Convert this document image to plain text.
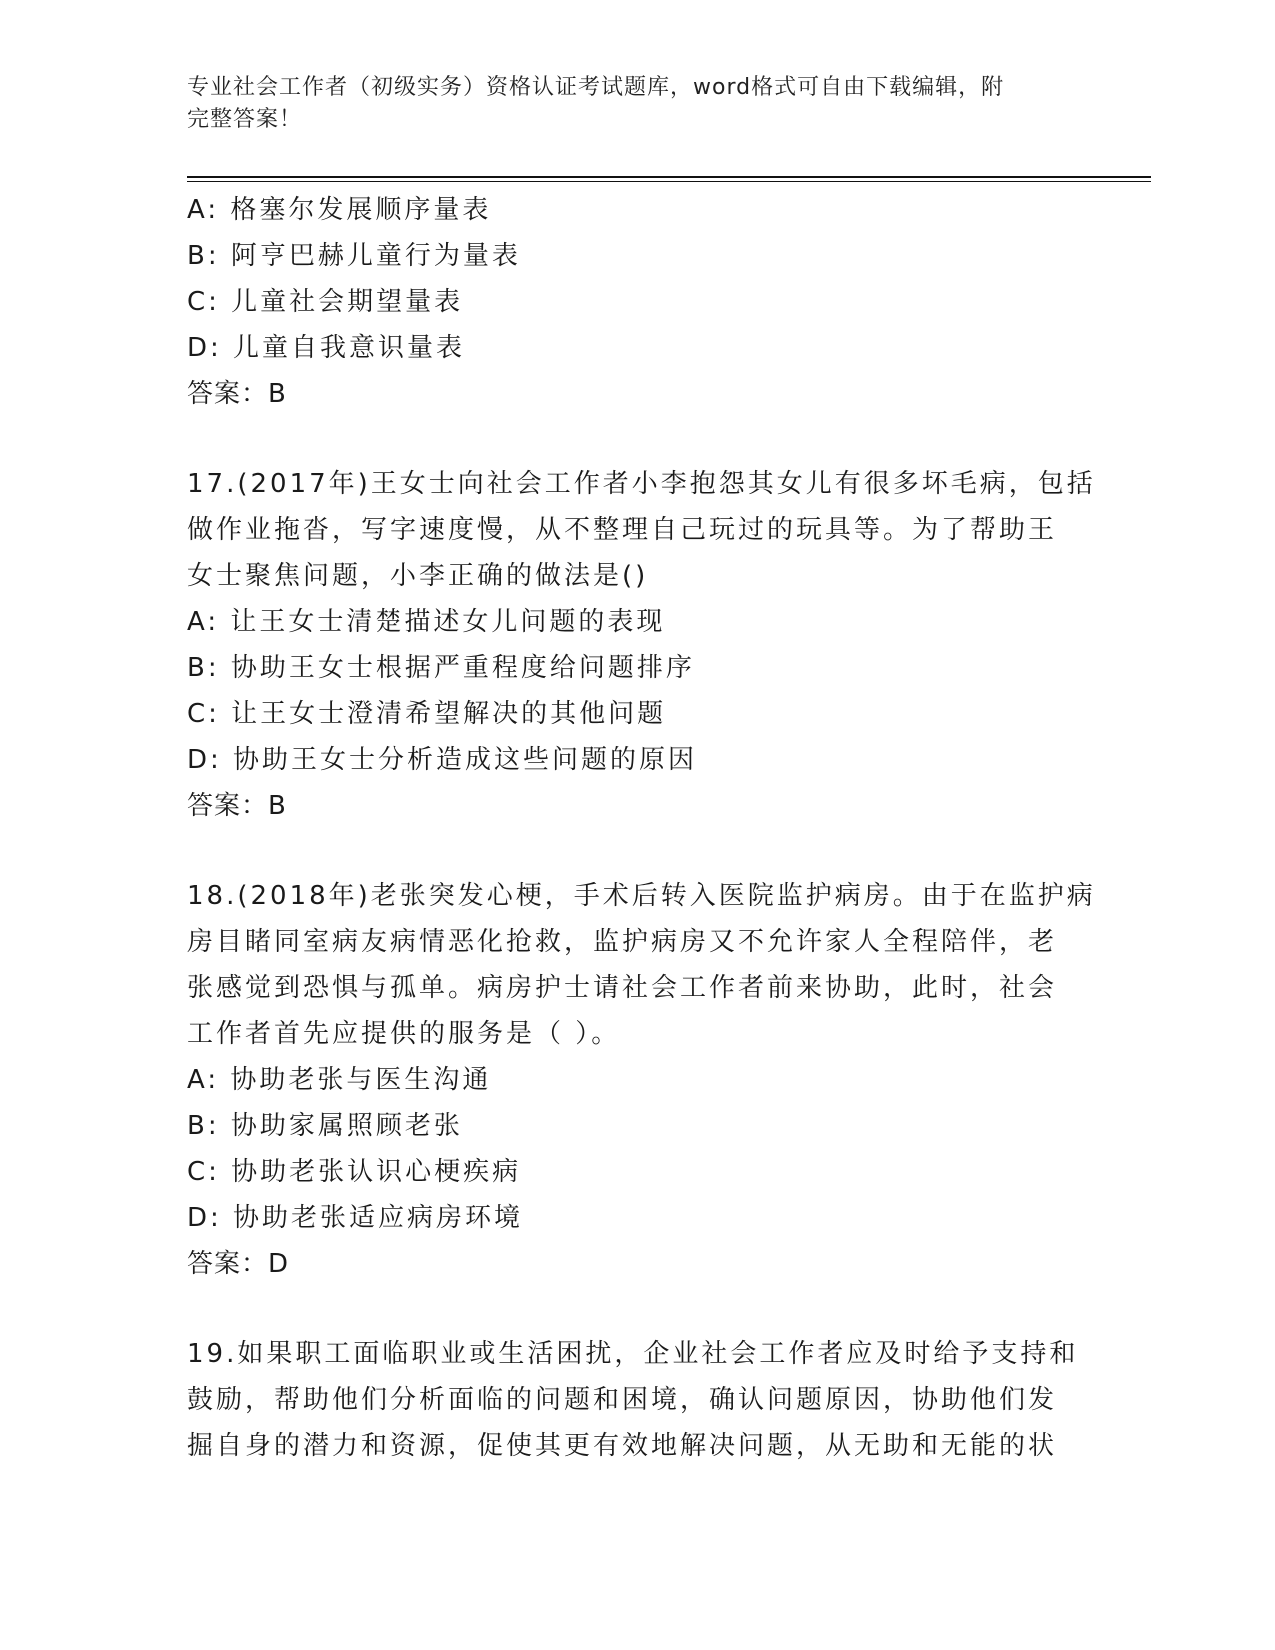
专业社会工作者（初级实务）资格认证考试题库，word格式可自由下载编辑，附
完整答案！
A: 格塞尔发展顺序量表
B: 阿亨巴赫儿童行为量表
C: 儿童社会期望量表
D: 儿童自我意识量表
答案：B
17.(2017年)王女士向社会工作者小李抱怨其女儿有很多坏毛病，包括
做作业拖沓，写字速度慢，从不整理自己玩过的玩具等。为了帮助王
女士聚焦问题，小李正确的做法是()
A: 让王女士清楚描述女儿问题的表现
B: 协助王女士根据严重程度给问题排序
C: 让王女士澄清希望解决的其他问题
D: 协助王女士分析造成这些问题的原因
答案：B
18.(2018年)老张突发心梗，手术后转入医院监护病房。由于在监护病
房目睹同室病友病情恶化抢救，监护病房又不允许家人全程陪伴，老
张感觉到恐惧与孤单。病房护士请社会工作者前来协助，此时，社会
工作者首先应提供的服务是（ ）。
A: 协助老张与医生沟通
B: 协助家属照顾老张
C: 协助老张认识心梗疾病
D: 协助老张适应病房环境
答案：D
19.如果职工面临职业或生活困扰，企业社会工作者应及时给予支持和
鼓励，帮助他们分析面临的问题和困境，确认问题原因，协助他们发
掘自身的潜力和资源，促使其更有效地解决问题，从无助和无能的状
